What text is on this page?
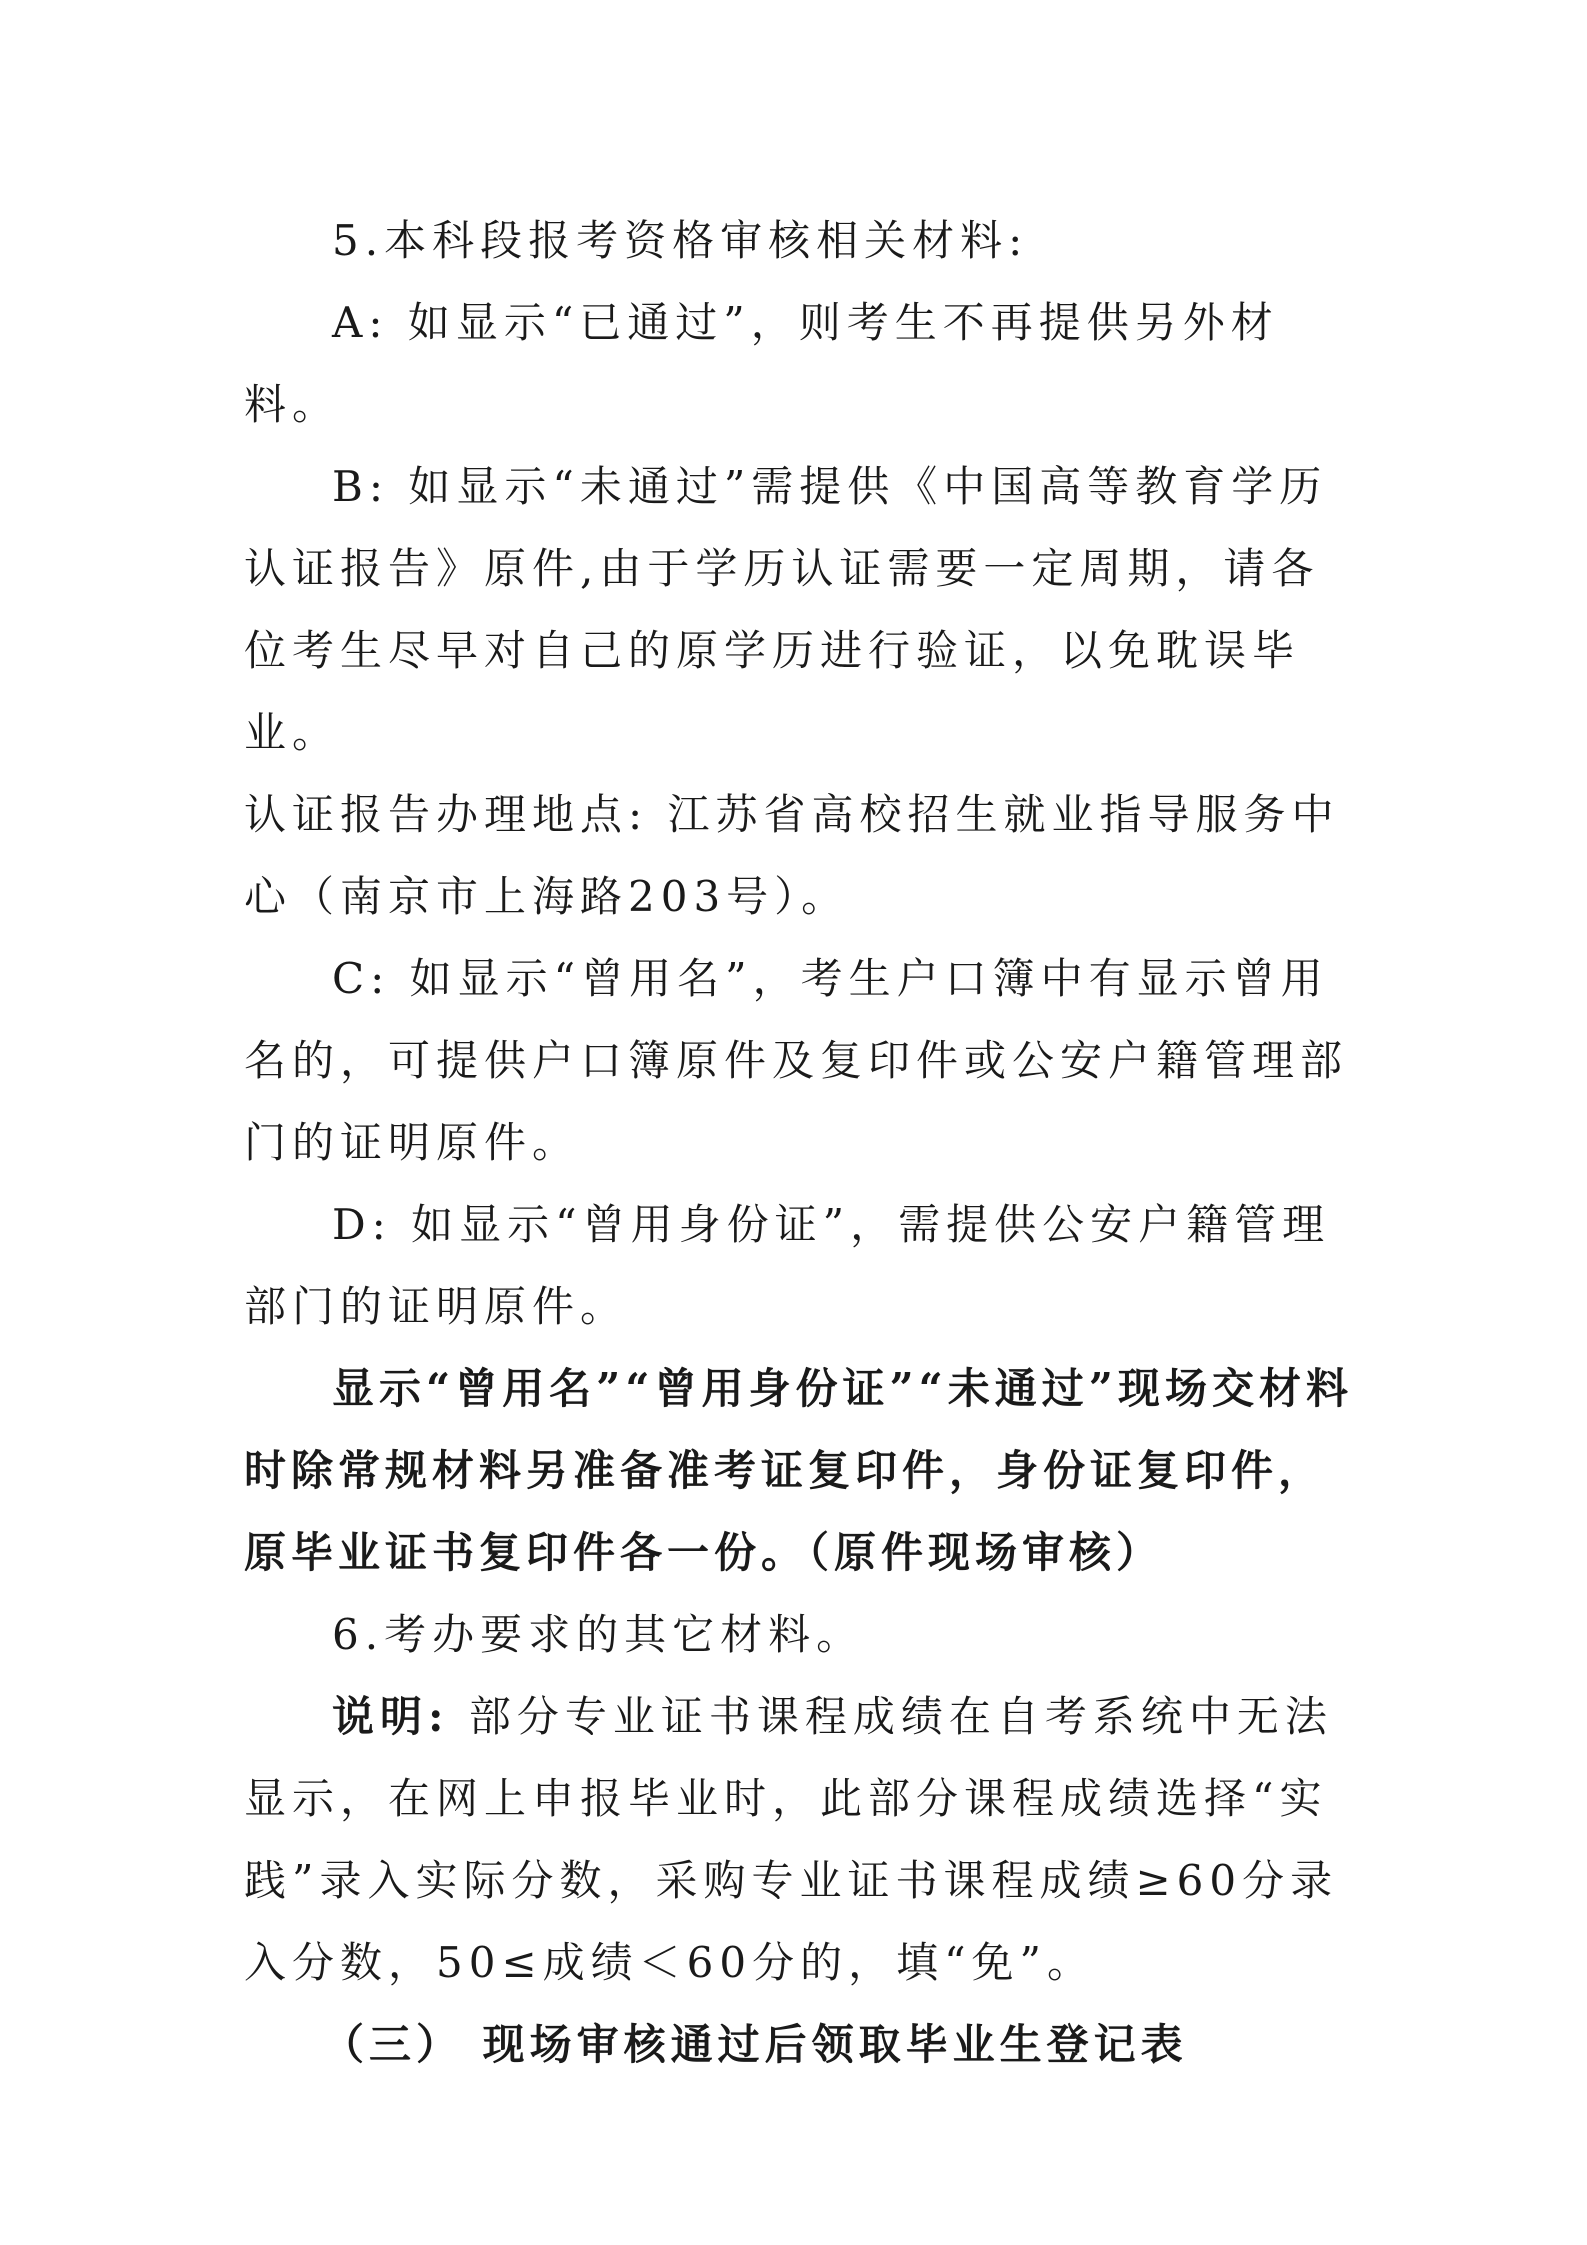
5.本科段报考资格审核相关材料:

A: 如显示“已通过”，则考生不再提供另外材料。

B: 如显示“未通过”需提供《中国高等教育学历认证报告》原件,由于学历认证需要一定周期，请各位考生尽早对自己的原学历进行验证，以免耽误毕业。

认证报告办理地点: 江苏省高校招生就业指导服务中心（南京市上海路203号）。

C: 如显示“曾用名”，考生户口簿中有显示曾用名的，可提供户口簿原件及复印件或公安户籍管理部门的证明原件。

D: 如显示“曾用身份证”，需提供公安户籍管理部门的证明原件。

显示“曾用名”“曾用身份证”“未通过”现场交材料时除常规材料另准备准考证复印件，身份证复印件，原毕业证书复印件各一份。（原件现场审核）

6.考办要求的其它材料。

说明: 部分专业证书课程成绩在自考系统中无法显示，在网上申报毕业时，此部分课程成绩选择“实践”录入实际分数，采购专业证书课程成绩≥60分录入分数，50≤成绩＜60分的，填“免”。

（三） 现场审核通过后领取毕业生登记表
